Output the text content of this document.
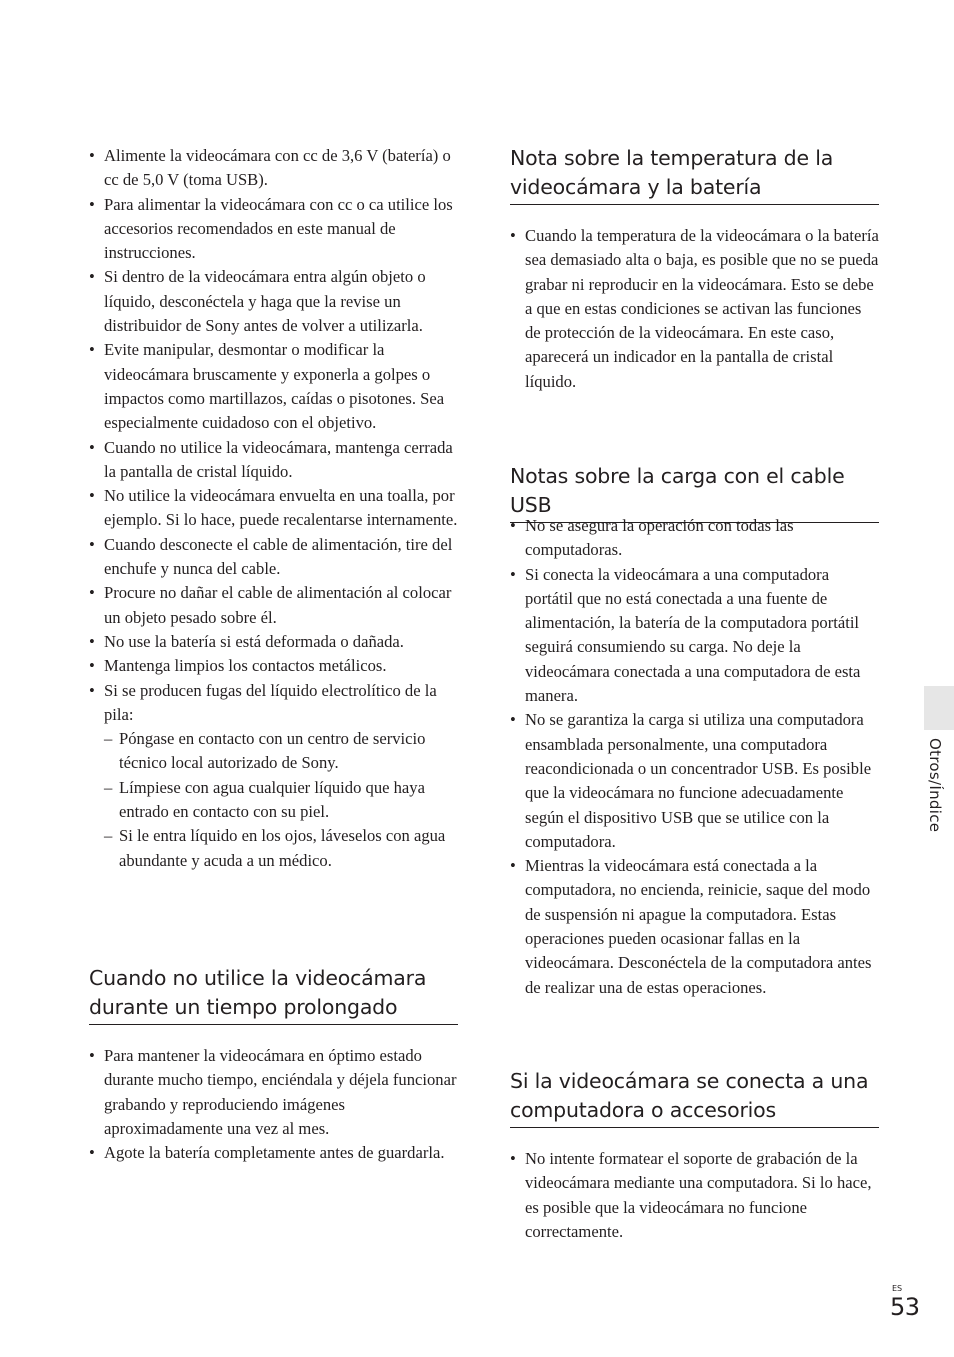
• Alimente la videocámara con cc de 3,6 V (batería) o cc de 5,0 V (toma USB).
• Para alimentar la videocámara con cc o ca utilice los accesorios recomendados en este manual de instrucciones.
• Si dentro de la videocámara entra algún objeto o líquido, desconéctela y haga que la revise un distribuidor de Sony antes de volver a utilizarla.
• Evite manipular, desmontar o modificar la videocámara bruscamente y exponerla a golpes o impactos como martillazos, caídas o pisotones. Sea especialmente cuidadoso con el objetivo.
• Cuando no utilice la videocámara, mantenga cerrada la pantalla de cristal líquido.
• No utilice la videocámara envuelta en una toalla, por ejemplo. Si lo hace, puede recalentarse internamente.
• Cuando desconecte el cable de alimentación, tire del enchufe y nunca del cable.
• Procure no dañar el cable de alimentación al colocar un objeto pesado sobre él.
• No use la batería si está deformada o dañada.
• Mantenga limpios los contactos metálicos.
• Si se producen fugas del líquido electrolítico de la pila:
– Póngase en contacto con un centro de servicio técnico local autorizado de Sony.
– Límpiese con agua cualquier líquido que haya entrado en contacto con su piel.
– Si le entra líquido en los ojos, láveselos con agua abundante y acuda a un médico.
Cuando no utilice la videocámara durante un tiempo prolongado
• Para mantener la videocámara en óptimo estado durante mucho tiempo, enciéndala y déjela funcionar grabando y reproduciendo imágenes aproximadamente una vez al mes.
• Agote la batería completamente antes de guardarla.
Nota sobre la temperatura de la videocámara y la batería
• Cuando la temperatura de la videocámara o la batería sea demasiado alta o baja, es posible que no se pueda grabar ni reproducir en la videocámara. Esto se debe a que en estas condiciones se activan las funciones de protección de la videocámara. En este caso, aparecerá un indicador en la pantalla de cristal líquido.
Notas sobre la carga con el cable USB
• No se asegura la operación con todas las computadoras.
• Si conecta la videocámara a una computadora portátil que no está conectada a una fuente de alimentación, la batería de la computadora portátil seguirá consumiendo su carga. No deje la videocámara conectada a una computadora de esta manera.
• No se garantiza la carga si utiliza una computadora ensamblada personalmente, una computadora reacondicionada o un concentrador USB. Es posible que la videocámara no funcione adecuadamente según el dispositivo USB que se utilice con la computadora.
• Mientras la videocámara está conectada a la computadora, no encienda, reinicie, saque del modo de suspensión ni apague la computadora. Estas operaciones pueden ocasionar fallas en la videocámara. Desconéctela de la computadora antes de realizar una de estas operaciones.
Si la videocámara se conecta a una computadora o accesorios
• No intente formatear el soporte de grabación de la videocámara mediante una computadora. Si lo hace, es posible que la videocámara no funcione correctamente.
Otros/Índice
ES
53
